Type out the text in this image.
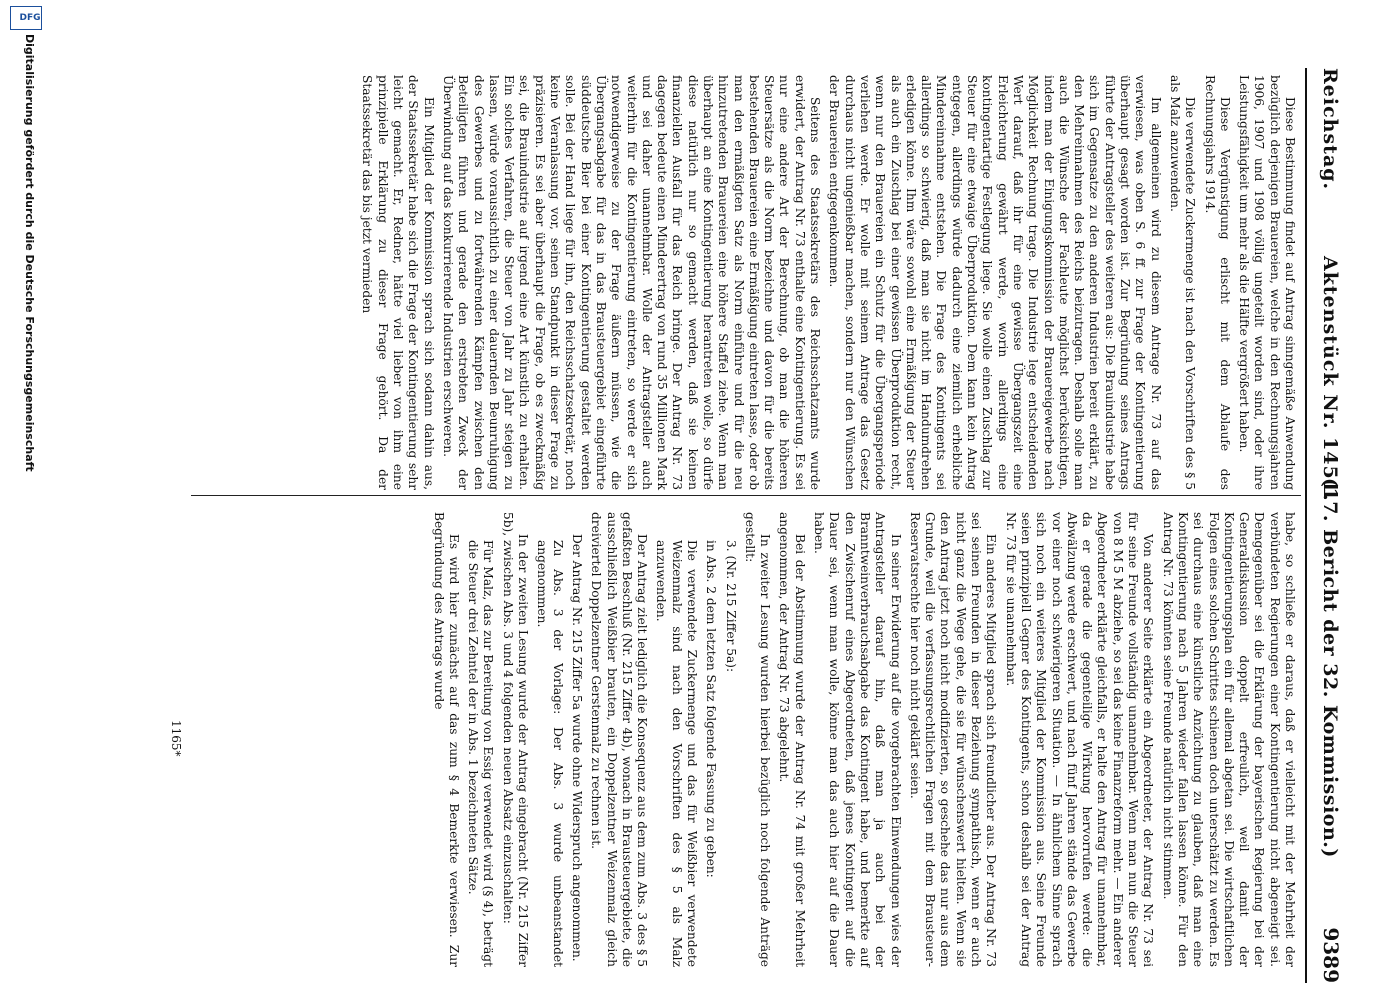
Reichstag.
Aktenstück Nr. 1451.
(17. Bericht der 32. Kommission.)
9389

Diese Bestimmung findet auf Antrag sinngemäße Anwendung bezüglich derjenigen Brauereien, welche in den Rechnungsjahren 1906, 1907 und 1908 völlig ungeteilt worden sind, oder ihre Leistungsfähigkeit um mehr als die Hälfte vergrößert haben.

Diese Vergünstigung erlischt mit dem Ablaufe des Rechnungsjahrs 1914.

Die verwendete Zuckermenge ist nach den Vorschriften des § 5 als Malz anzuwenden.

Im allgemeinen wird zu diesem Antrage Nr. 73 auf das verwiesen, was oben S. 6 ff. zur Frage der Kontingentierung überhaupt gesagt worden ist. Zur Begründung seines Antrags führte der Antragsteller des weiteren aus: Die Brauindustrie habe sich im Gegensatze zu den anderen Industrien bereit erklärt, zu den Mehreinnahmen des Reichs beizutragen. Deshalb solle man auch die Wünsche der Fachleute möglichst berücksichtigen, indem man der Einigungskommission der Brauereigewerbe nach Möglichkeit Rechnung trage. Die Industrie lege entscheidenden Wert darauf, daß ihr für eine gewisse Übergangszeit eine Erleichterung gewährt werde, worin allerdings eine kontingentartige Festlegung liege. Sie wolle einen Zuschlag zur Steuer für eine etwaige Überproduktion. Dem kann kein Antrag entgegen, allerdings würde dadurch eine ziemlich erhebliche Mindereinnahme entstehen. Die Frage des Kontingents sei allerdings so schwierig, daß man sie nicht im Handumdrehen erledigen könne. Ihm wäre sowohl eine Ermäßigung der Steuer als auch ein Zuschlag bei einer gewissen Überproduktion recht, wenn nur den Brauereien ein Schutz für die Übergangsperiode verliehen werde. Er wolle mit seinem Antrage das Gesetz durchaus nicht ungenießbar machen, sondern nur den Wünschen der Brauereien entgegenkommen.

Seitens des Staatssekretärs des Reichsschatzamts wurde erwidert, der Antrag Nr. 73 enthalte eine Kontingentierung. Es sei nur eine andere Art der Berechnung, ob man die höheren Steuersätze als die Norm bezeichne und davon für die bereits bestehenden Brauereien eine Ermäßigung eintreten lasse, oder ob man den ermäßigten Satz als Norm einführe und für die neu hinzutretenden Brauereien eine höhere Staffel ziehe. Wenn man überhaupt an eine Kontingentierung herantreten wolle, so dürfe diese natürlich nur so gemacht werden, daß sie keinen finanziellen Ausfall für das Reich bringe. Der Antrag Nr. 73 dagegen bedeute einen Minderertrag von rund 35 Millionen Mark und sei daher unannehmbar. Wolle der Antragsteller auch weiterhin für die Kontingentierung eintreten, so werde er sich notwendigerweise zu der Frage äußern müssen, wie die Übergangsabgabe für das in das Brausteuergebiet eingeführte süddeutsche Bier bei einer Kontingentierung gestaltet werden solle. Bei der Hand liege für ihn, den Reichsschatzsekretär, noch keine Veranlassung vor, seinen Standpunkt in dieser Frage zu präzisieren. Es sei aber überhaupt die Frage, ob es zweckmäßig sei, die Brauindustrie auf irgend eine Art künstlich zu erhalten. Ein solches Verfahren, die Steuer von Jahr zu Jahr steigen zu lassen, würde voraussichtlich zu einer dauernden Beunruhigung des Gewerbes und zu fortwährenden Kämpfen zwischen den Beteiligten führen und gerade den erstrebten Zweck der Überwindung auf das konkurrierende Industrien erschweren.

Ein Mitglied der Kommission sprach sich sodann dahin aus, der Staatssekretär habe sich die Frage der Kontingentierung sehr leicht gemacht. Er, Redner, hätte viel lieber von ihm eine prinzipielle Erklärung zu dieser Frage gehört. Da der Staatssekretär das bis jetzt vermieden

habe, so schließe er daraus, daß er vielleicht mit der Mehrheit der verbündeten Regierungen einer Kontingentierung nicht abgeneigt sei. Demgegenüber sei die Erklärung der bayerischen Regierung bei der Generaldiskussion doppelt erfreulich, weil damit der Kontingentierungsplan ein für allemal abgetan sei. Die wirtschaftlichen Folgen eines solchen Schrittes schienen doch unterschätzt zu werden. Es sei durchaus eine künstliche Anzüchtung zu glauben, daß man eine Kontingentierung nach 5 Jahren wieder fallen lassen könne. Für den Antrag Nr. 73 könnten seine Freunde natürlich nicht stimmen.

Von anderer Seite erklärte ein Abgeordneter, der Antrag Nr. 73 sei für seine Freunde vollständig unannehmbar. Wenn man nun die Steuer von 8 M 5 M abziehe, so sei das keine Finanzreform mehr. — Ein anderer Abgeordneter erklärte gleichfalls, er halte den Antrag für unannehmbar, da er gerade die gegenteilige Wirkung hervorrufen werde: die Abwälzung werde erschwert, und nach fünf Jahren stände das Gewerbe vor einer noch schwierigeren Situation. — In ähnlichem Sinne sprach sich noch ein weiteres Mitglied der Kommission aus. Seine Freunde seien prinzipiell Gegner des Kontingents, schon deshalb sei der Antrag Nr. 73 für sie unannehmbar.

Ein anderes Mitglied sprach sich freundlicher aus. Der Antrag Nr. 73 sei seinen Freunden in dieser Beziehung sympathisch, wenn er auch nicht ganz die Wege gehe, die sie für wünschenswert hielten. Wenn sie den Antrag jetzt noch nicht modifizierten, so geschehe das nur aus dem Grunde, weil die verfassungsrechtlichen Fragen mit dem Brausteuer-Reservatsrechte hier noch nicht geklärt seien.

In seiner Erwiderung auf die vorgebrachten Einwendungen wies der Antragsteller darauf hin, daß man ja auch bei der Branntweinverbrauchsabgabe das Kontingent habe, und bemerkte auf den Zwischenruf eines Abgeordneten, daß jenes Kontingent auf die Dauer sei, wenn man wolle, könne man das auch hier auf die Dauer haben.

Bei der Abstimmung wurde der Antrag Nr. 74 mit großer Mehrheit angenommen, der Antrag Nr. 73 abgelehnt.

In zweiter Lesung wurden hierbei bezüglich noch folgende Anträge gestellt:

3. (Nr. 215 Ziffer 5a):

in Abs. 2 dem letzten Satz folgende Fassung zu geben:

Die verwendete Zuckermenge und das für Weißbier verwendete Weizenmalz sind nach den Vorschriften des § 5 als Malz anzuwenden.

Der Antrag zielt lediglich die Konsequenz aus dem zum Abs. 3 des § 5 gefaßten Beschluß (Nr. 215 Ziffer 4b), wonach in Brausteuergebiete, die ausschließlich Weißbier brauten, ein Doppelzentner Weizenmalz gleich dreiviertel Doppelzentner Gerstenmalz zu rechnen ist.

Der Antrag Nr. 215 Ziffer 5a wurde ohne Widerspruch angenommen.

Zu Abs. 3 der Vorlage: Der Abs. 3 wurde unbeanstandet angenommen.

In der zweiten Lesung wurde der Antrag eingebracht (Nr. 215 Ziffer 5b), zwischen Abs. 3 und 4 folgenden neuen Absatz einzuschalten:

Für Malz, das zur Bereitung von Essig verwendet wird (§ 4), beträgt die Steuer drei Zehntel der in Abs. 1 bezeichneten Sätze.

Es wird hier zunächst auf das zum § 4 Bemerkte verwiesen. Zur Begründung des Antrags wurde

1165*
DFG
Digitalisierung gefördert durch die Deutsche Forschungsgemeinschaft
